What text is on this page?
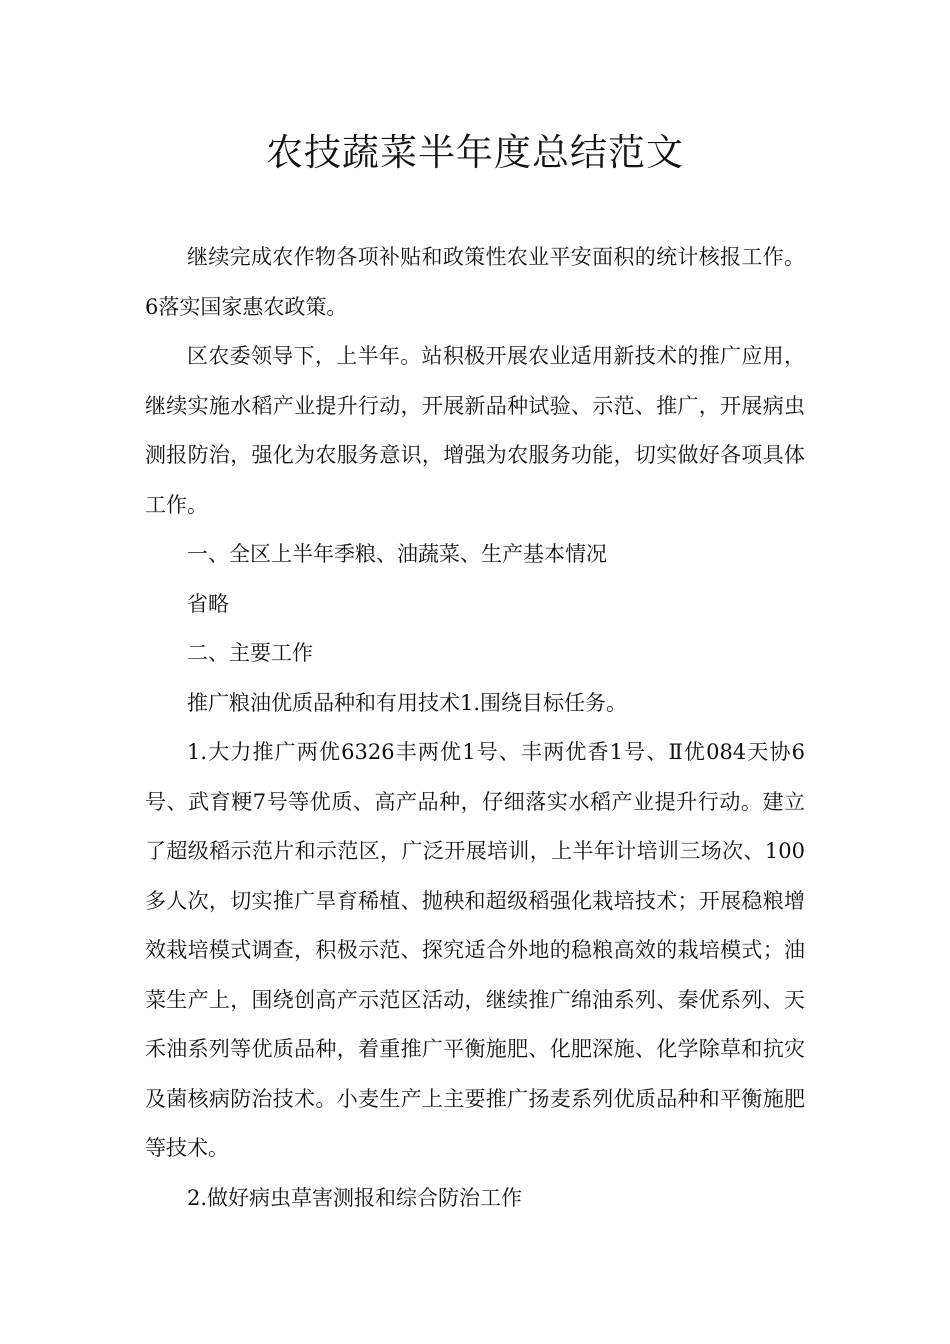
农技蔬菜半年度总结范文

继续完成农作物各项补贴和政策性农业平安面积的统计核报工作。6落实国家惠农政策。

区农委领导下，上半年。站积极开展农业适用新技术的推广应用，继续实施水稻产业提升行动，开展新品种试验、示范、推广，开展病虫测报防治，强化为农服务意识，增强为农服务功能，切实做好各项具体工作。

一、全区上半年季粮、油蔬菜、生产基本情况

省略

二、主要工作

推广粮油优质品种和有用技术1.围绕目标任务。

1.大力推广两优6326丰两优1号、丰两优香1号、Ⅱ优084天协6号、武育粳7号等优质、高产品种，仔细落实水稻产业提升行动。建立了超级稻示范片和示范区，广泛开展培训，上半年计培训三场次、100多人次，切实推广旱育稀植、抛秧和超级稻强化栽培技术；开展稳粮增效栽培模式调查，积极示范、探究适合外地的稳粮高效的栽培模式；油菜生产上，围绕创高产示范区活动，继续推广绵油系列、秦优系列、天禾油系列等优质品种，着重推广平衡施肥、化肥深施、化学除草和抗灾及菌核病防治技术。小麦生产上主要推广扬麦系列优质品种和平衡施肥等技术。

2.做好病虫草害测报和综合防治工作
